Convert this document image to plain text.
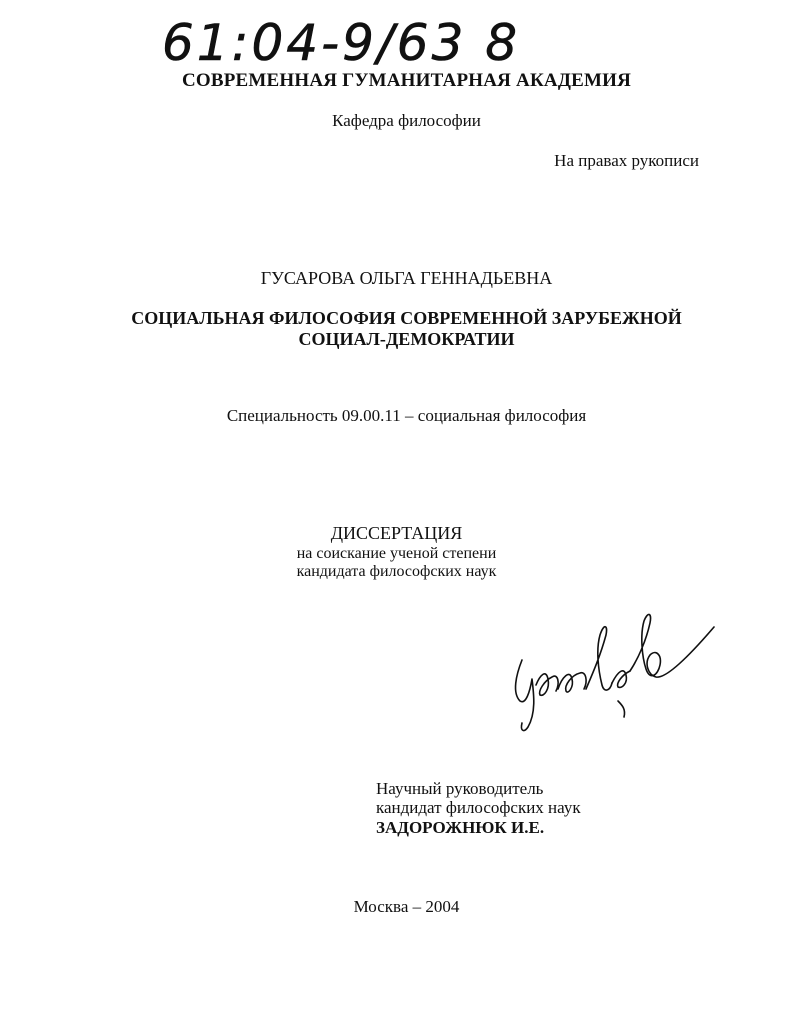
61:04-9/63 8
СОВРЕМЕННАЯ ГУМАНИТАРНАЯ АКАДЕМИЯ
Кафедра философии
На правах рукописи
ГУСАРОВА ОЛЬГА ГЕННАДЬЕВНА
СОЦИАЛЬНАЯ ФИЛОСОФИЯ СОВРЕМЕННОЙ ЗАРУБЕЖНОЙ
СОЦИАЛ-ДЕМОКРАТИИ
Специальность 09.00.11 – социальная философия
ДИССЕРТАЦИЯ
на соискание ученой степени
кандидата философских наук
Научный руководитель
кандидат философских наук
ЗАДОРОЖНЮК И.Е.
Москва – 2004
